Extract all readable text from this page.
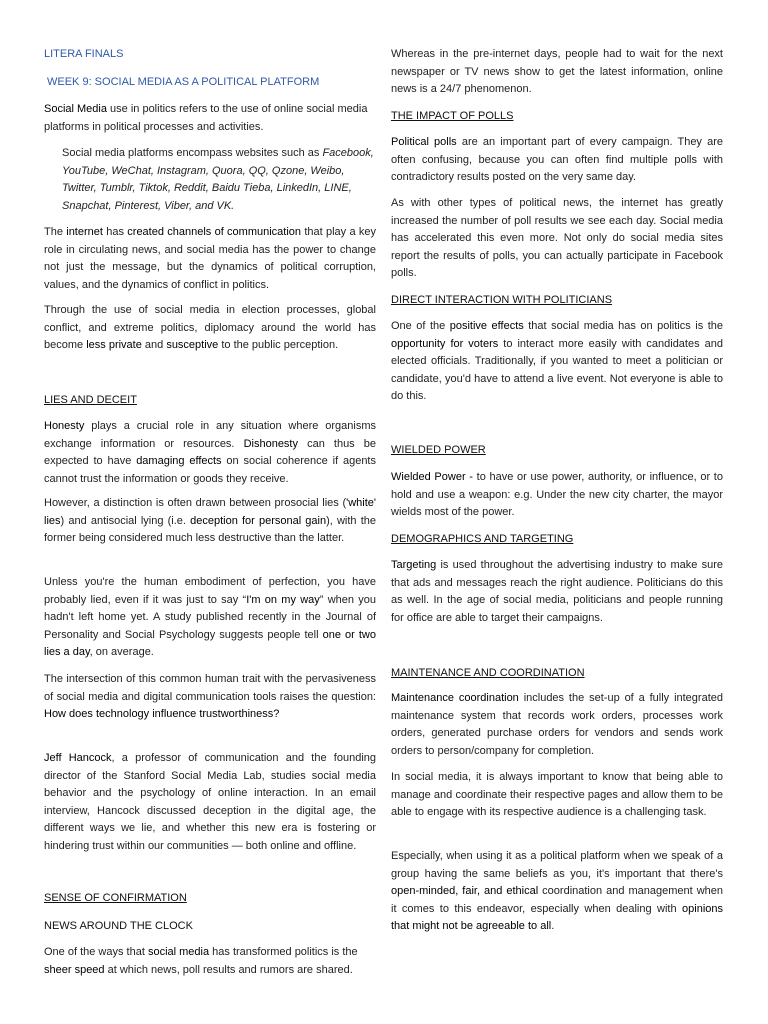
LITERA FINALS

WEEK 9: SOCIAL MEDIA AS A POLITICAL PLATFORM

Social Media use in politics refers to the use of online social media platforms in political processes and activities.

Social media platforms encompass websites such as Facebook, YouTube, WeChat, Instagram, Quora, QQ, Qzone, Weibo, Twitter, Tumblr, Tiktok, Reddit, Baidu Tieba, LinkedIn, LINE, Snapchat, Pinterest, Viber, and VK.

The internet has created channels of communication that play a key role in circulating news, and social media has the power to change not just the message, but the dynamics of political corruption, values, and the dynamics of conflict in politics.

Through the use of social media in election processes, global conflict, and extreme politics, diplomacy around the world has become less private and susceptive to the public perception.

LIES AND DECEIT

Honesty plays a crucial role in any situation where organisms exchange information or resources. Dishonesty can thus be expected to have damaging effects on social coherence if agents cannot trust the information or goods they receive.

However, a distinction is often drawn between prosocial lies ('white' lies) and antisocial lying (i.e. deception for personal gain), with the former being considered much less destructive than the latter.

Unless you're the human embodiment of perfection, you have probably lied, even if it was just to say “I'm on my way” when you hadn't left home yet. A study published recently in the Journal of Personality and Social Psychology suggests people tell one or two lies a day, on average.

The intersection of this common human trait with the pervasiveness of social media and digital communication tools raises the question: How does technology influence trustworthiness?

Jeff Hancock, a professor of communication and the founding director of the Stanford Social Media Lab, studies social media behavior and the psychology of online interaction. In an email interview, Hancock discussed deception in the digital age, the different ways we lie, and whether this new era is fostering or hindering trust within our communities — both online and offline.

SENSE OF CONFIRMATION

NEWS AROUND THE CLOCK

One of the ways that social media has transformed politics is the sheer speed at which news, poll results and rumors are shared.

Whereas in the pre-internet days, people had to wait for the next newspaper or TV news show to get the latest information, online news is a 24/7 phenomenon.

THE IMPACT OF POLLS

Political polls are an important part of every campaign. They are often confusing, because you can often find multiple polls with contradictory results posted on the very same day.

As with other types of political news, the internet has greatly increased the number of poll results we see each day. Social media has accelerated this even more. Not only do social media sites report the results of polls, you can actually participate in Facebook polls.

DIRECT INTERACTION WITH POLITICIANS

One of the positive effects that social media has on politics is the opportunity for voters to interact more easily with candidates and elected officials. Traditionally, if you wanted to meet a politician or candidate, you'd have to attend a live event. Not everyone is able to do this.

WIELDED POWER

Wielded Power - to have or use power, authority, or influence, or to hold and use a weapon: e.g. Under the new city charter, the mayor wields most of the power.

DEMOGRAPHICS AND TARGETING

Targeting is used throughout the advertising industry to make sure that ads and messages reach the right audience. Politicians do this as well. In the age of social media, politicians and people running for office are able to target their campaigns.

MAINTENANCE AND COORDINATION

Maintenance coordination includes the set-up of a fully integrated maintenance system that records work orders, processes work orders, generated purchase orders for vendors and sends work orders to person/company for completion.

In social media, it is always important to know that being able to manage and coordinate their respective pages and allow them to be able to engage with its respective audience is a challenging task.

Especially, when using it as a political platform when we speak of a group having the same beliefs as you, it's important that there's open-minded, fair, and ethical coordination and management when it comes to this endeavor, especially when dealing with opinions that might not be agreeable to all.
